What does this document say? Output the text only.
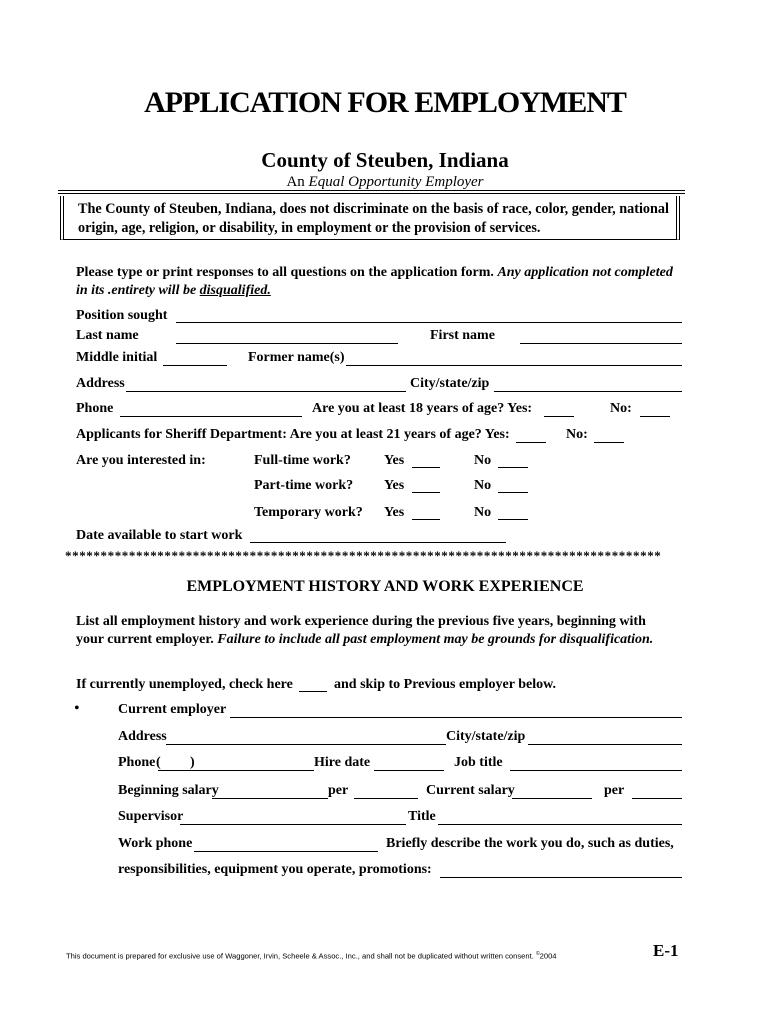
APPLICATION FOR EMPLOYMENT
County of Steuben, Indiana
An Equal Opportunity Employer
The County of Steuben, Indiana, does not discriminate on the basis of race, color, gender, national origin, age, religion, or disability, in employment or the provision of services.
Please type or print responses to all questions on the application form. Any application not completed in its .entirety will be disqualified.
Position sought
Last name	First name
Middle initial	Former name(s)
Address	City/state/zip
Phone	Are you at least 18 years of age? Yes:	No:
Applicants for Sheriff Department: Are you at least 21 years of age? Yes:	No:
Are you interested in:	Full-time work? Yes	No
Part-time work? Yes	No
Temporary work? Yes	No
Date available to start work
************************************************************************************
EMPLOYMENT HISTORY AND WORK EXPERIENCE
List all employment history and work experience during the previous five years, beginning with your current employer. Failure to include all past employment may be grounds for disqualification.
If currently unemployed, check here	and skip to Previous employer below.
•	Current employer
Address	City/state/zip
Phone ( )	Hire date	Job title
Beginning salary	per	Current salary	per
Supervisor	Title
Work phone	Briefly describe the work you do, such as duties,
responsibilities, equipment you operate, promotions:
This document is prepared for exclusive use of Waggoner, Irvin, Scheele & Assoc., Inc., and shall not be duplicated without written consent. ©2004	E-1
